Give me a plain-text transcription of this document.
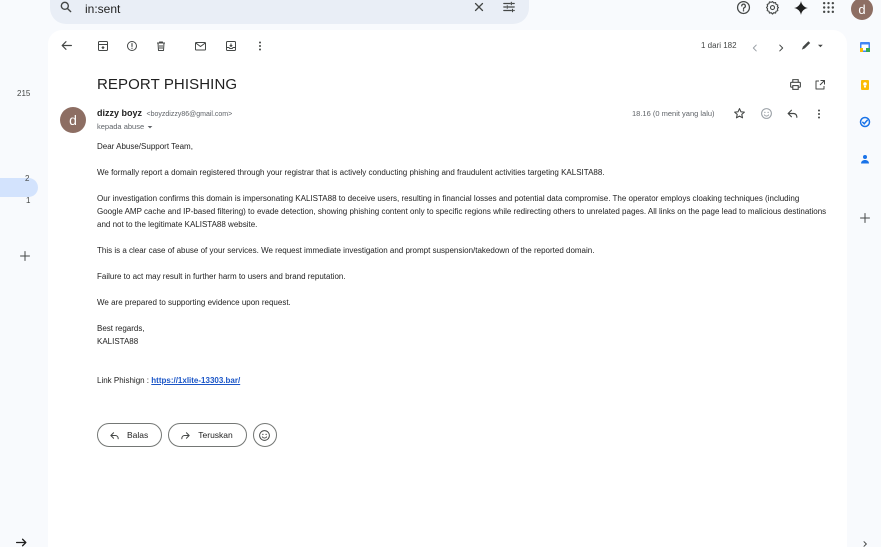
in:sent	d
215
2
1
1 dari 182
REPORT PHISHING
d	dizzy boyz <boyzdizzy86@gmail.com>
kepada abuse
18.16 (0 menit yang lalu)

Dear Abuse/Support Team,

We formally report a domain registered through your registrar that is actively conducting phishing and fraudulent activities targeting KALSITA88.

Our investigation confirms this domain is impersonating KALISTA88 to deceive users, resulting in financial losses and potential data compromise. The operator employs cloaking techniques (including Google AMP cache and IP-based filtering) to evade detection, showing phishing content only to specific regions while redirecting others to unrelated pages. All links on the page lead to malicious destinations and not to the legitimate KALISTA88 website.

This is a clear case of abuse of your services. We request immediate investigation and prompt suspension/takedown of the reported domain.

Failure to act may result in further harm to users and brand reputation.

We are prepared to supporting evidence upon request.

Best regards,
KALISTA88
Link Phishign : https://1xlite-13303.bar/
Balas	Teruskan
